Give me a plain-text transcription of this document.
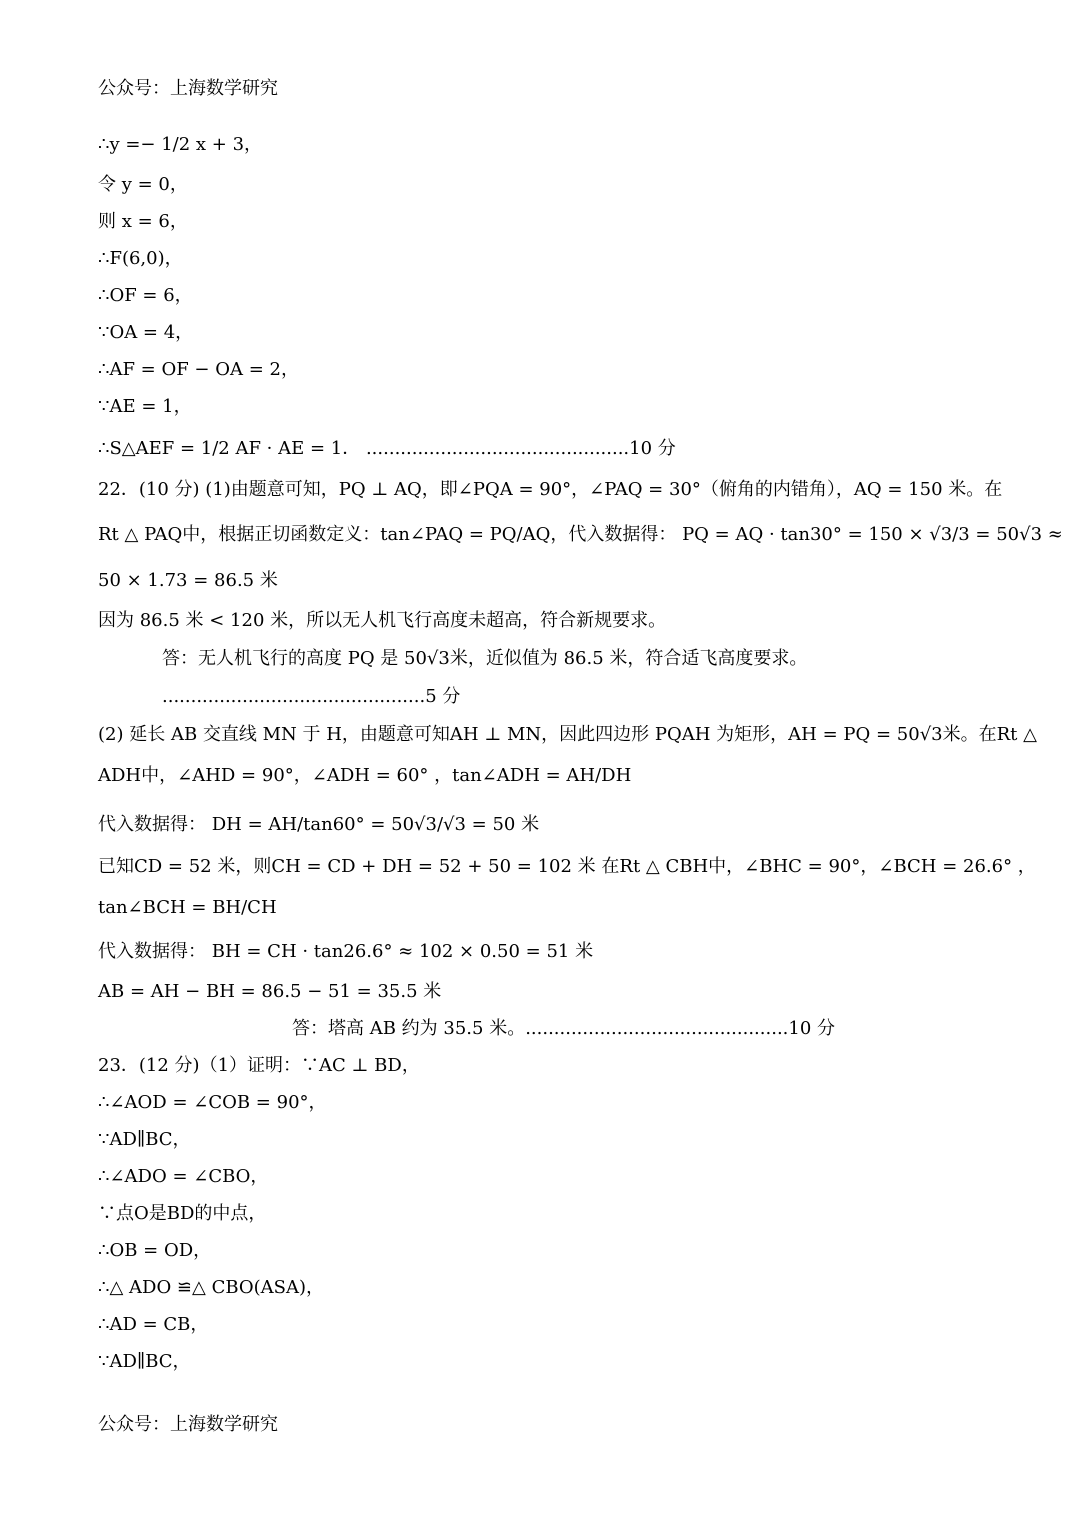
公众号：上海数学研究
∴y =− 1/2 x + 3，
令 y = 0，
则 x = 6，
∴F(6,0)，
∴OF = 6，
∵OA = 4，
∴AF = OF − OA = 2，
∵AE = 1，
∴S△AEF = 1/2 AF · AE = 1． ..............................................10 分
22．(10 分) (1)由题意可知，PQ ⊥ AQ，即∠PQA = 90°，∠PAQ = 30°（俯角的内错角），AQ = 150 米。在
Rt △ PAQ中，根据正切函数定义：tan∠PAQ = PQ/AQ，代入数据得： PQ = AQ · tan30° = 150 × √3/3 = 50√3 ≈
50 × 1.73 = 86.5 米
因为 86.5 米 < 120 米，所以无人机飞行高度未超高，符合新规要求。
答：无人机飞行的高度 PQ 是 50√3米，近似值为 86.5 米，符合适飞高度要求。
..............................................5 分
(2) 延长 AB 交直线 MN 于 H，由题意可知AH ⊥ MN，因此四边形 PQAH 为矩形，AH = PQ = 50√3米。在Rt △
ADH中，∠AHD = 90°，∠ADH = 60° ，tan∠ADH = AH/DH
代入数据得： DH = AH/tan60° = 50√3/√3 = 50 米
已知CD = 52 米，则CH = CD + DH = 52 + 50 = 102 米 在Rt △ CBH中，∠BHC = 90°，∠BCH = 26.6° ，
tan∠BCH = BH/CH
代入数据得： BH = CH · tan26.6° ≈ 102 × 0.50 = 51 米
AB = AH − BH = 86.5 − 51 = 35.5 米
答：塔高 AB 约为 35.5 米。..............................................10 分
23．(12 分)（1）证明：∵AC ⊥ BD，
∴∠AOD = ∠COB = 90°，
∵AD∥BC，
∴∠ADO = ∠CBO，
∵点O是BD的中点，
∴OB = OD，
∴△ ADO ≌△ CBO(ASA)，
∴AD = CB，
∵AD∥BC，
公众号：上海数学研究
